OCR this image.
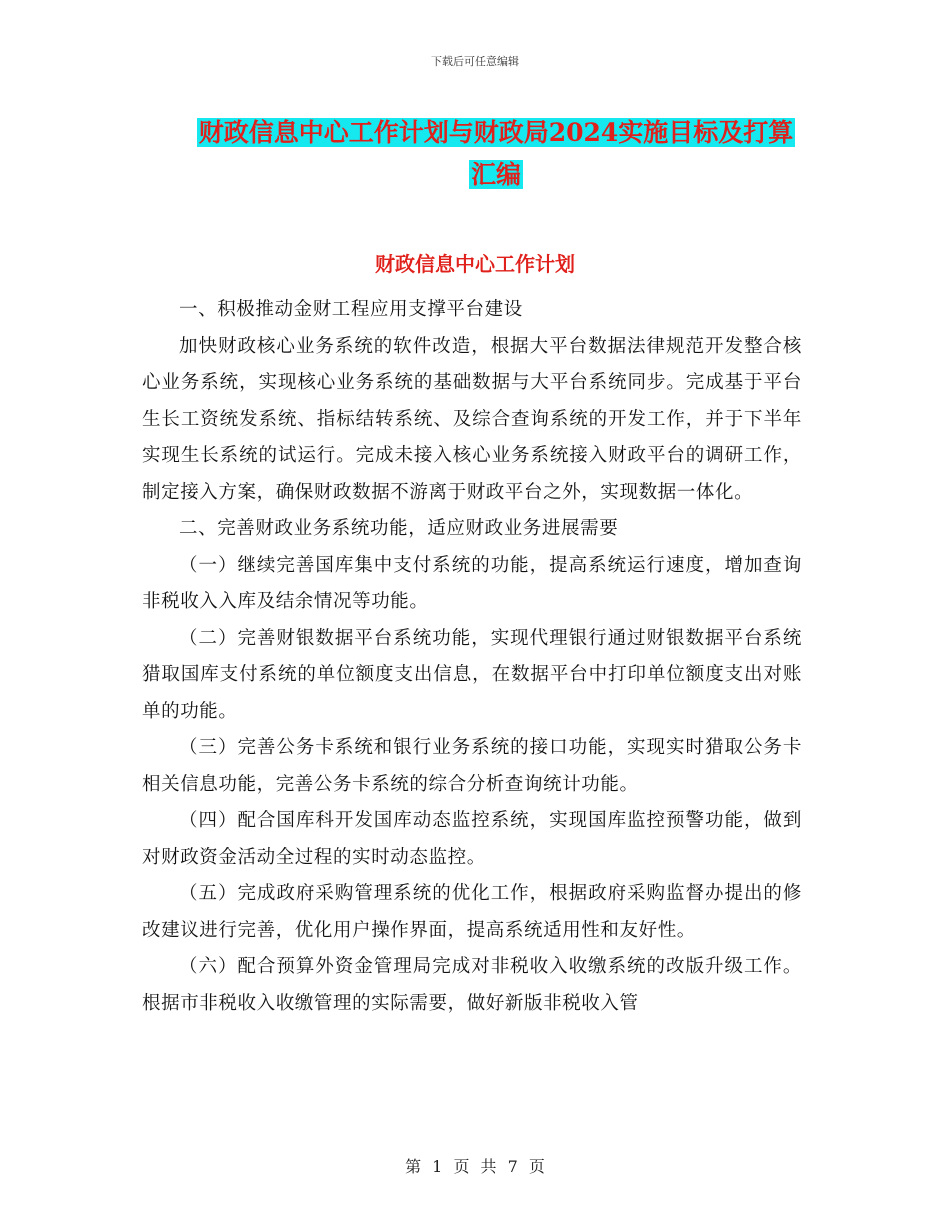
下载后可任意编辑
财政信息中心工作计划与财政局2024实施目标及打算
汇编
财政信息中心工作计划

一、积极推动金财工程应用支撑平台建设

加快财政核心业务系统的软件改造，根据大平台数据法律规范开发整合核心业务系统，实现核心业务系统的基础数据与大平台系统同步。完成基于平台生长工资统发系统、指标结转系统、及综合查询系统的开发工作，并于下半年实现生长系统的试运行。完成未接入核心业务系统接入财政平台的调研工作，制定接入方案，确保财政数据不游离于财政平台之外，实现数据一体化。

二、完善财政业务系统功能，适应财政业务进展需要

（一）继续完善国库集中支付系统的功能，提高系统运行速度，增加查询非税收入入库及结余情况等功能。

（二）完善财银数据平台系统功能，实现代理银行通过财银数据平台系统猎取国库支付系统的单位额度支出信息，在数据平台中打印单位额度支出对账单的功能。

（三）完善公务卡系统和银行业务系统的接口功能，实现实时猎取公务卡相关信息功能，完善公务卡系统的综合分析查询统计功能。

（四）配合国库科开发国库动态监控系统，实现国库监控预警功能，做到对财政资金活动全过程的实时动态监控。

（五）完成政府采购管理系统的优化工作，根据政府采购监督办提出的修改建议进行完善，优化用户操作界面，提高系统适用性和友好性。

（六）配合预算外资金管理局完成对非税收入收缴系统的改版升级工作。根据市非税收入收缴管理的实际需要，做好新版非税收入管

第 1 页 共 7 页
